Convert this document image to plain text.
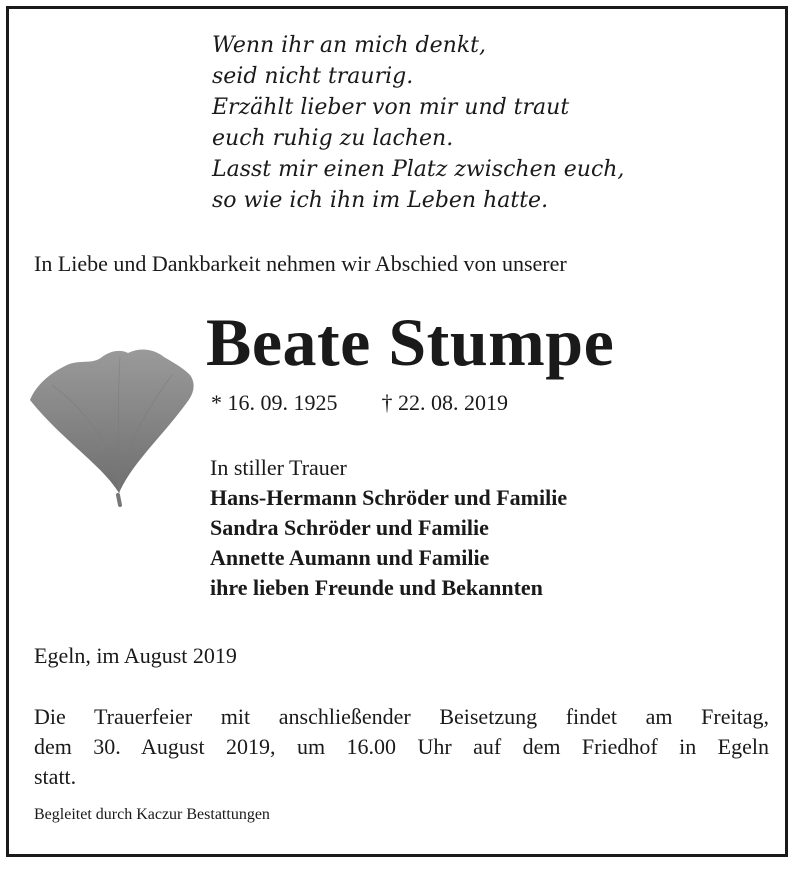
Wenn ihr an mich denkt,
seid nicht traurig.
Erzählt lieber von mir und traut
euch ruhig zu lachen.
Lasst mir einen Platz zwischen euch,
so wie ich ihn im Leben hatte.
In Liebe und Dankbarkeit nehmen wir Abschied von unserer
Beate Stumpe
* 16. 09. 1925 † 22. 08. 2019
In stiller Trauer
Hans-Hermann Schröder und Familie
Sandra Schröder und Familie
Annette Aumann und Familie
ihre lieben Freunde und Bekannten
Egeln, im August 2019
Die Trauerfeier mit anschließender Beisetzung findet am Freitag,
dem 30. August 2019, um 16.00 Uhr auf dem Friedhof in Egeln
statt.
Begleitet durch Kaczur Bestattungen
